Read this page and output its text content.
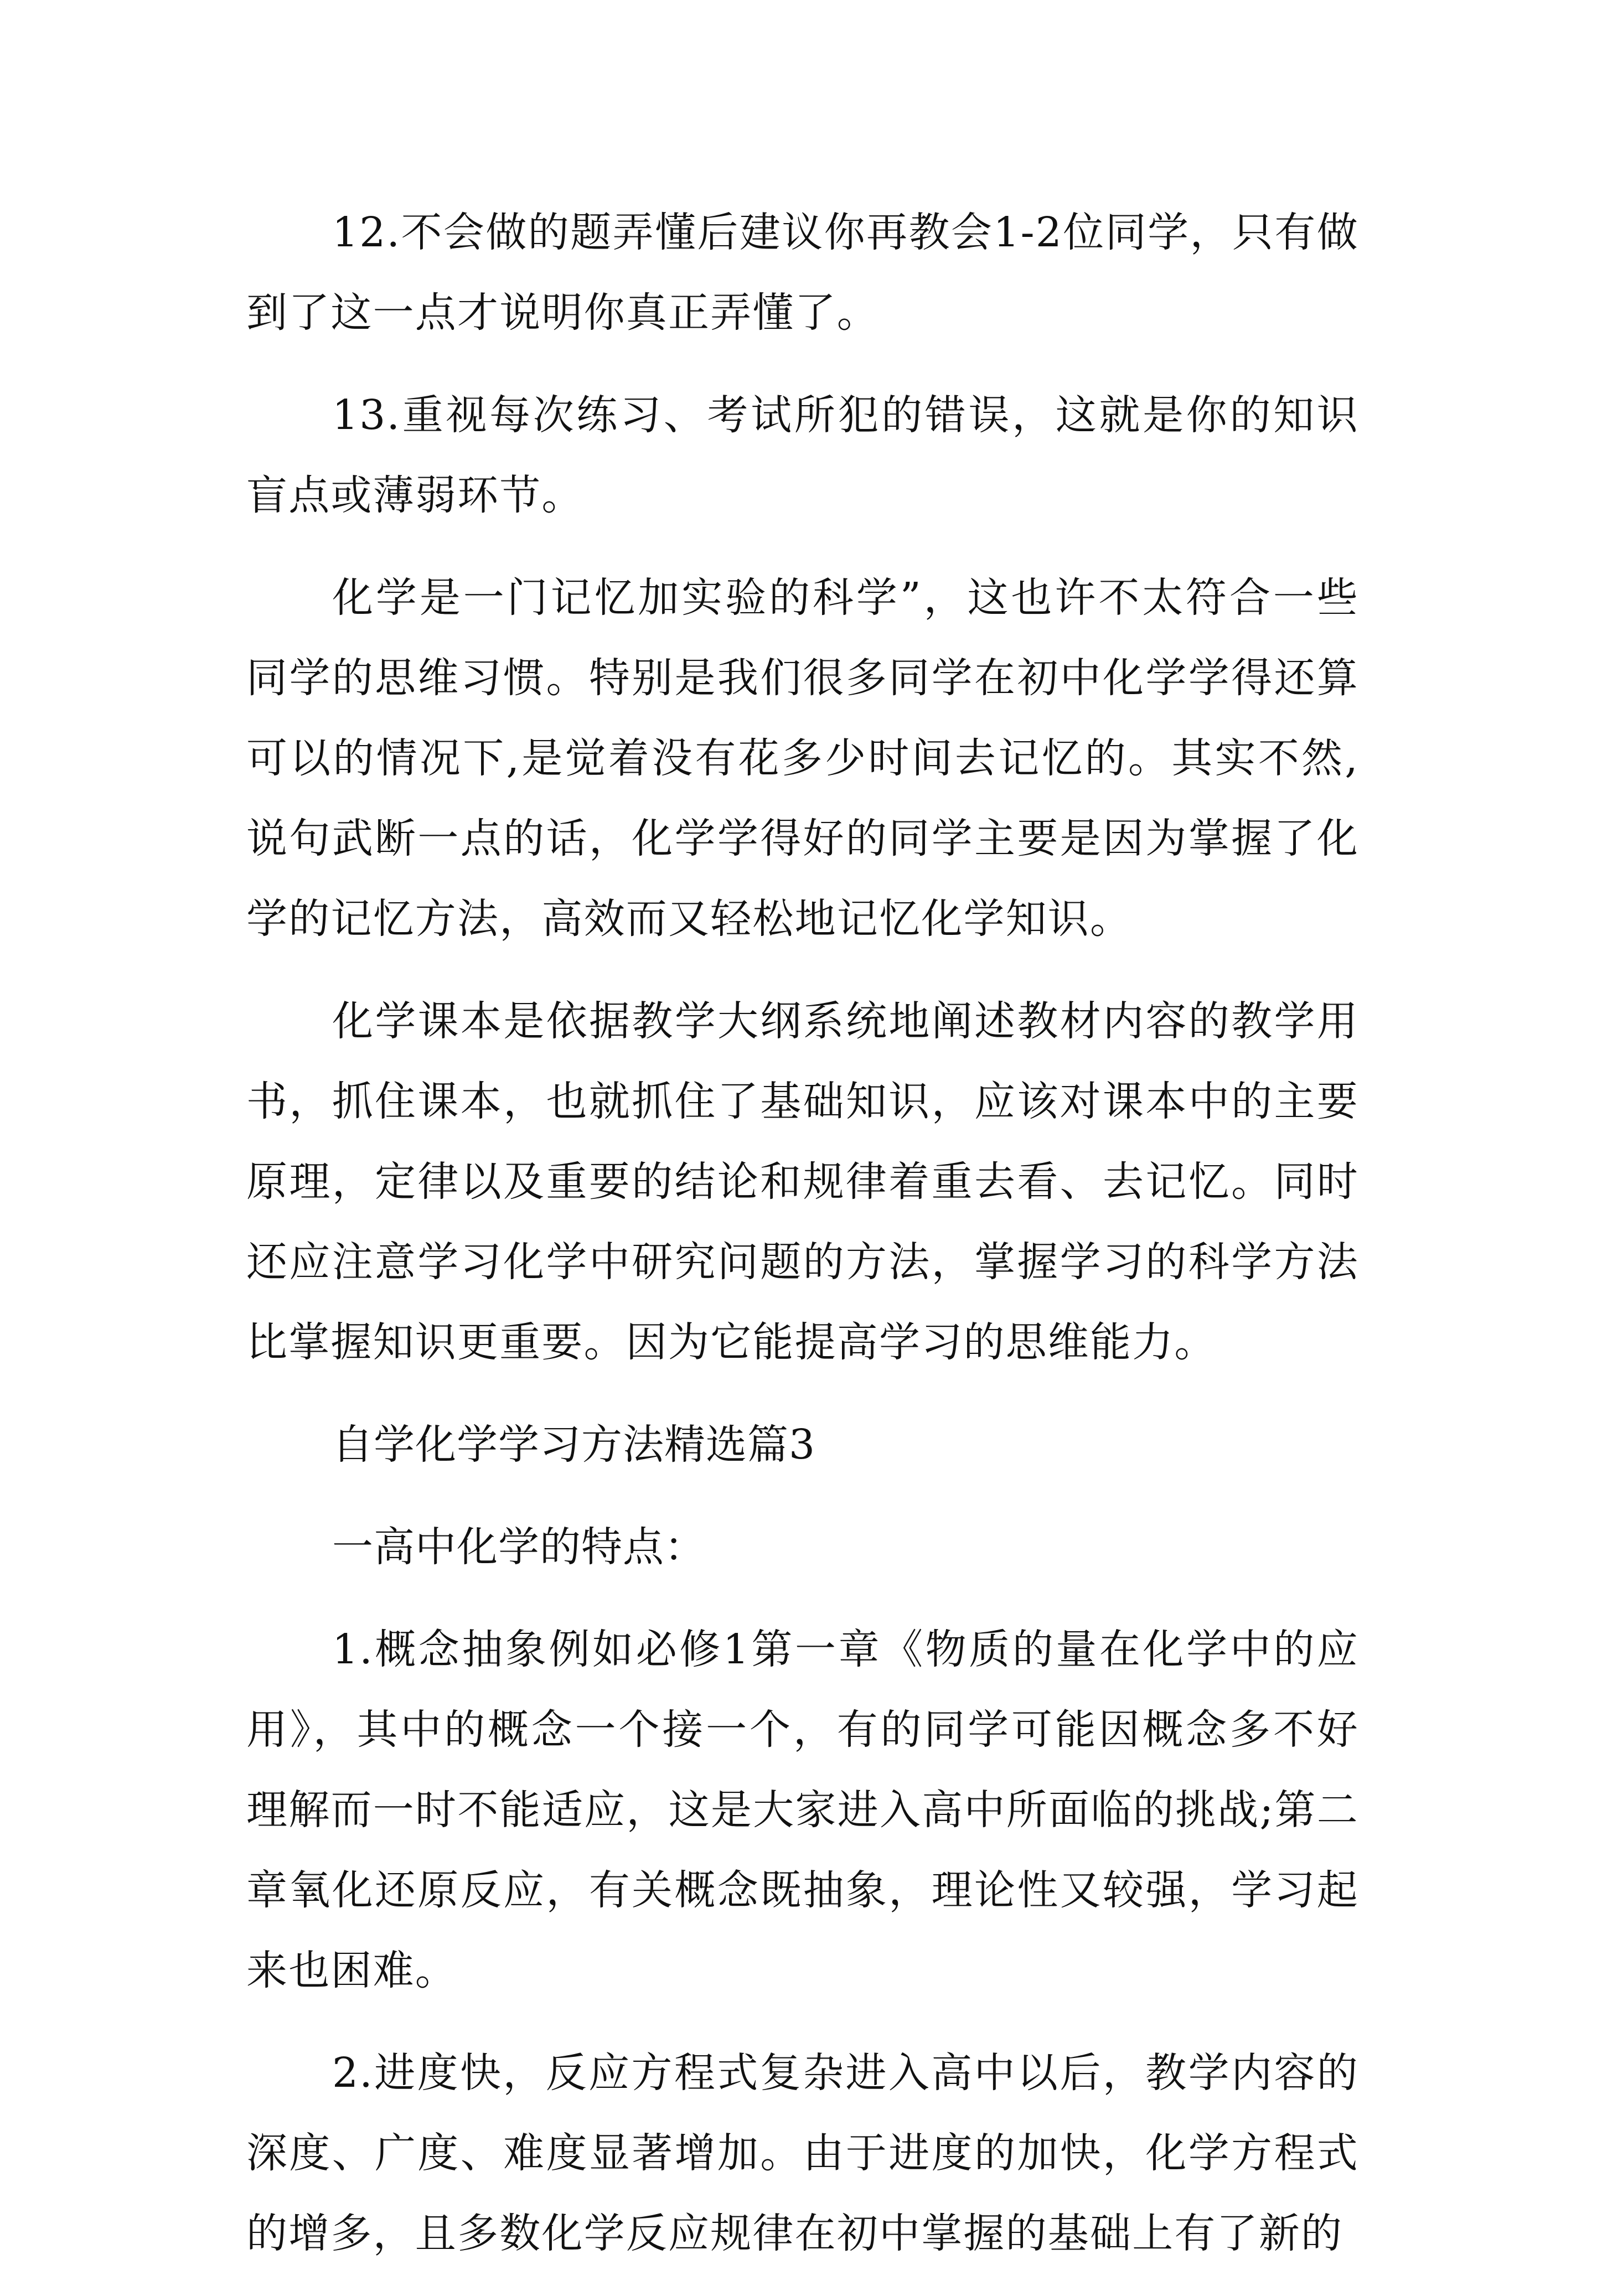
12.不会做的题弄懂后建议你再教会1-2位同学，只有做到了这一点才说明你真正弄懂了。

13.重视每次练习、考试所犯的错误，这就是你的知识盲点或薄弱环节。

化学是一门记忆加实验的科学”，这也许不太符合一些同学的思维习惯。特别是我们很多同学在初中化学学得还算可以的情况下,是觉着没有花多少时间去记忆的。其实不然,说句武断一点的话，化学学得好的同学主要是因为掌握了化学的记忆方法，高效而又轻松地记忆化学知识。

化学课本是依据教学大纲系统地阐述教材内容的教学用书，抓住课本，也就抓住了基础知识，应该对课本中的主要原理，定律以及重要的结论和规律着重去看、去记忆。同时还应注意学习化学中研究问题的方法，掌握学习的科学方法比掌握知识更重要。因为它能提高学习的思维能力。

自学化学学习方法精选篇3

一高中化学的特点：

1.概念抽象例如必修1第一章《物质的量在化学中的应用》，其中的概念一个接一个，有的同学可能因概念多不好理解而一时不能适应，这是大家进入高中所面临的挑战;第二章氧化还原反应，有关概念既抽象，理论性又较强，学习起来也困难。

2.进度快，反应方程式复杂进入高中以后，教学内容的深度、广度、难度显著增加。由于进度的加快，化学方程式的增多，且多数化学反应规律在初中掌握的基础上有了新的
